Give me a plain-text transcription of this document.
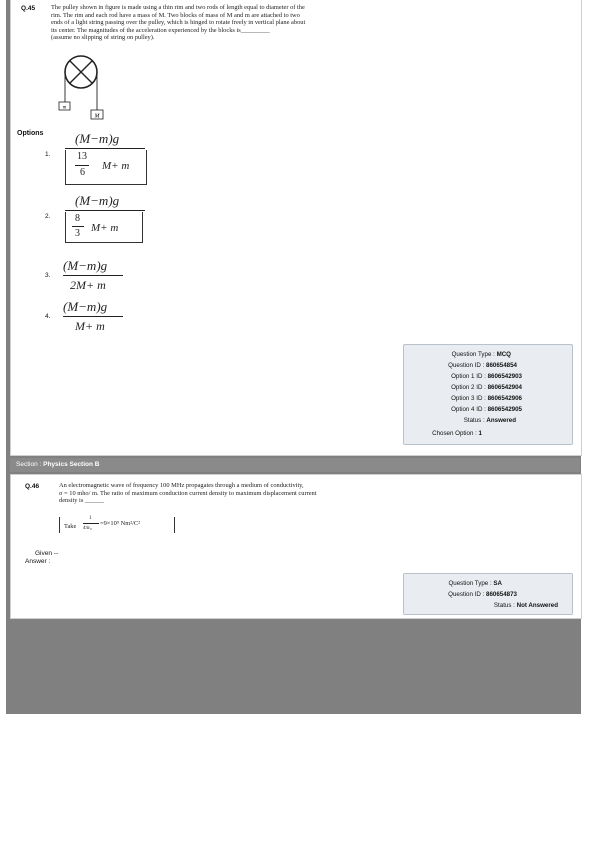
Q.45 The pulley shown in figure is made using a thin rim and two rods of length equal to diameter of the
rim. The rim and each rod have a mass of M. Two blocks of mass of M and m are attached to two
ends of a light string passing over the pulley, which is hinged to rotate freely in vertical plane about
its center. The magnitudes of the acceleration experienced by the blocks is_________
(assume no slipping of string on pulley).
m
M
Options
1.
(M−m)g
13
6
M+ m
2.
(M−m)g
8
3 M+ m
3.
(M−m)g
2M+ m
4.
(M−m)g
M+ m
Question Type : MCQ
Question ID : 860654854
Option 1 ID : 8606542903
Option 2 ID : 8606542904
Option 3 ID : 8606542906
Option 4 ID : 8606542905
Status : Answered
Chosen Option : 1
Section : Physics Section B
Q.46	An electromagnetic wave of frequency 100 MHz propagates through a medium of conductivity,
σ = 10 mho/ m. The ratio of maximum conduction current density to maximum displacement current
density is ______
Take
1
4πε₀
=9×10⁹ Nm²/C²
Given --
Answer :
Question Type : SA
Question ID : 860654873
Status : Not Answered
